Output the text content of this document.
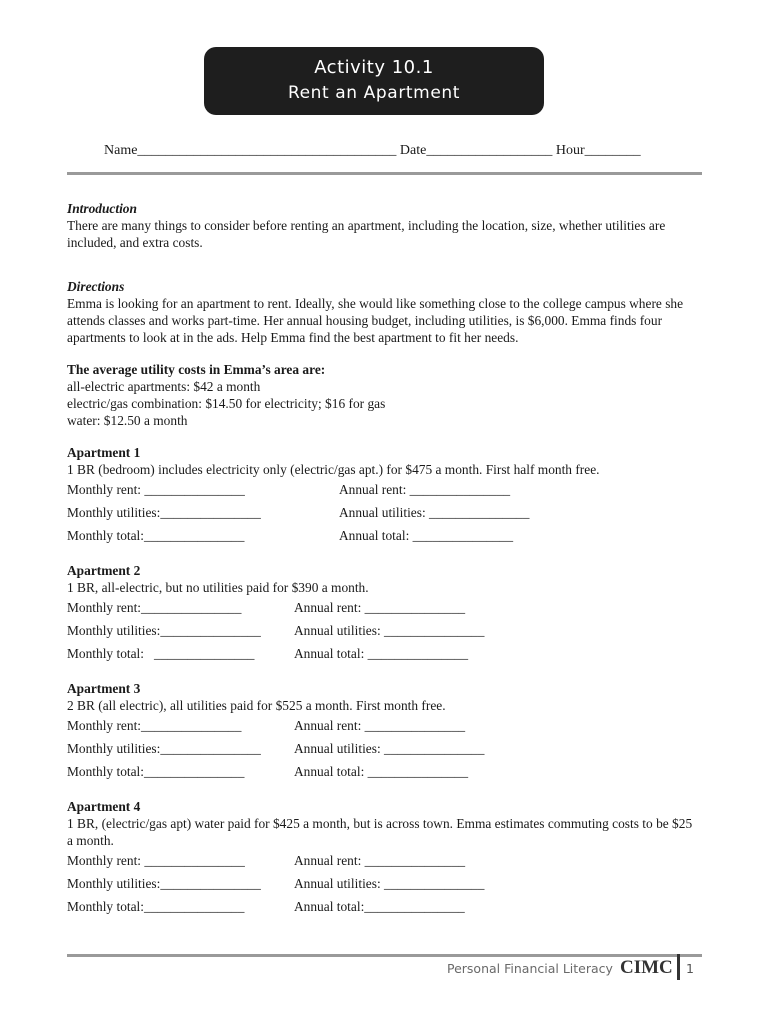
Activity 10.1
Rent an Apartment
Name_____________________________________ Date__________________ Hour________
Introduction

There are many things to consider before renting an apartment, including the location, size, whether utilities are included, and extra costs.

Directions

Emma is looking for an apartment to rent. Ideally, she would like something close to the college campus where she attends classes and works part-time. Her annual housing budget, including utilities, is $6,000. Emma finds four apartments to look at in the ads. Help Emma find the best apartment to fit her needs.

The average utility costs in Emma’s area are:

all-electric apartments: $42 a month

electric/gas combination: $14.50 for electricity; $16 for gas

water: $12.50 a month

Apartment 1

1 BR (bedroom) includes electricity only (electric/gas apt.) for $475 a month. First half month free.

Monthly rent: _______________	Annual rent: _______________
Monthly utilities:_______________	Annual utilities: _______________
Monthly total:_______________	Annual total: _______________
Apartment 2

1 BR, all-electric, but no utilities paid for $390 a month.

Monthly rent:_______________	Annual rent: _______________
Monthly utilities:_______________ Annual utilities: _______________
Monthly total:   _______________	Annual total: _______________
Apartment 3

2 BR (all electric), all utilities paid for $525 a month. First month free.

Monthly rent:_______________	Annual rent: _______________
Monthly utilities:_______________ Annual utilities: _______________
Monthly total:_______________	Annual total: _______________
Apartment 4

1 BR, (electric/gas apt) water paid for $425 a month, but is across town. Emma estimates commuting costs to be $25 a month.

Monthly rent: _______________	Annual rent: _______________
Monthly utilities:_______________ Annual utilities: _______________
Monthly total:_______________	Annual total:_______________
Personal Financial Literacy CIMC 1
